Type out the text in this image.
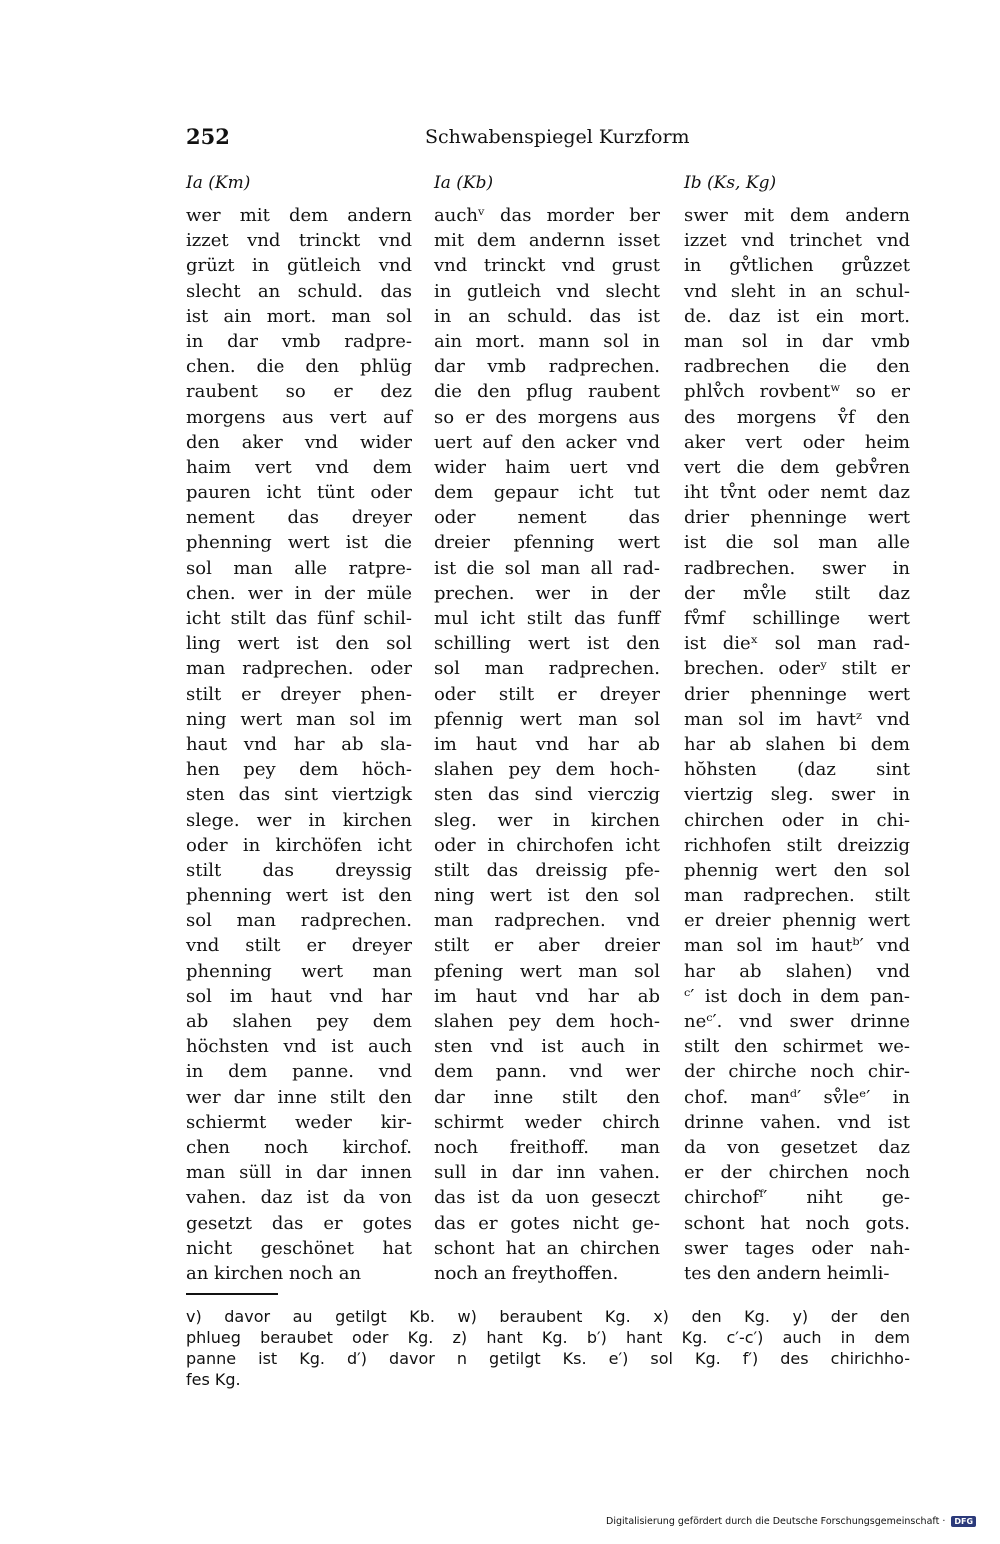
252	Schwabenspiegel Kurzform
Ia (Km)	Ia (Kb)	Ib (Ks, Kg)
wer mit dem andern
izzet vnd trinckt vnd
grüzt in gütleich vnd
slecht an schuld. das
ist ain mort. man sol
in dar vmb radpre-
chen. die den phlüg
raubent so er dez
morgens aus vert auf
den aker vnd wider
haim vert vnd dem
pauren icht tünt oder
nement das dreyer
phenning wert ist die
sol man alle ratpre-
chen. wer in der müle
icht stilt das fünf schil-
ling wert ist den sol
man radprechen. oder
stilt er dreyer phen-
ning wert man sol im
haut vnd har ab sla-
hen pey dem höch-
sten das sint viertzigk
slege. wer in kirchen
oder in kirchöfen icht
stilt das dreyssig
phenning wert ist den
sol man radprechen.
vnd stilt er dreyer
phenning wert man
sol im haut vnd har
ab slahen pey dem
höchsten vnd ist auch
in dem panne. vnd
wer dar inne stilt den
schiermt weder kir-
chen noch kirchof.
man süll in dar innen
vahen. daz ist da von
gesetzt das er gotes
nicht geschönet hat
an kirchen noch an
auchᵛ das morder ber
mit dem andernn isset
vnd trinckt vnd grust
in gutleich vnd slecht
in an schuld. das ist
ain mort. mann sol in
dar vmb radprechen.
die den pflug raubent
so er des morgens aus
uert auf den acker vnd
wider haim uert vnd
dem gepaur icht tut
oder nement das
dreier pfenning wert
ist die sol man all rad-
prechen. wer in der
mul icht stilt das funff
schilling wert ist den
sol man radprechen.
oder stilt er dreyer
pfennig wert man sol
im haut vnd har ab
slahen pey dem hoch-
sten das sind vierczig
sleg. wer in kirchen
oder in chirchofen icht
stilt das dreissig pfe-
ning wert ist den sol
man radprechen. vnd
stilt er aber dreier
pfening wert man sol
im haut vnd har ab
slahen pey dem hoch-
sten vnd ist auch in
dem pann. vnd wer
dar inne stilt den
schirmt weder chirch
noch freithoff. man
sull in dar inn vahen.
das ist da uon geseczt
das er gotes nicht ge-
schont hat an chirchen
noch an freythoffen.
swer mit dem andern
izzet vnd trinchet vnd
in gv̊tlichen grůzzet
vnd sleht in an schul-
de. daz ist ein mort.
man sol in dar vmb
radbrechen die den
phlv̊ch rovbentʷ so er
des morgens v̊f den
aker vert oder heim
vert die dem gebv̊ren
iht tv̊nt oder nemt daz
drier phenninge wert
ist die sol man alle
radbrechen. swer in
der mv̊le stilt daz
fv̊mf schillinge wert
ist dieˣ sol man rad-
brechen. oderʸ stilt er
drier phenninge wert
man sol im havtᶻ vnd
har ab slahen bi dem
hŏhsten (daz sint
viertzig sleg. swer in
chirchen oder in chi-
richhofen stilt dreizzig
phennig wert den sol
man radprechen. stilt
er dreier phennig wert
man sol im hautᵇ′ vnd
har ab slahen) vnd
ᶜ′ ist doch in dem pan-
neᶜ′. vnd swer drinne
stilt den schirmet we-
der chirche noch chir-
chof. manᵈ′ sv̊leᵉ′ in
drinne vahen. vnd ist
da von gesetzet daz
er der chirchen noch
chirchofᶠ′ niht ge-
schont hat noch gots.
swer tages oder nah-
tes den andern heimli-
v) davor au getilgt Kb. w) beraubent Kg. x) den Kg. y) der den
phlueg beraubet oder Kg. z) hant Kg. b′) hant Kg. c′-c′) auch in dem
panne ist Kg. d′) davor n getilgt Ks. e′) sol Kg. f′) des chirichho-
fes Kg.
Digitalisierung gefördert durch die Deutsche Forschungsgemeinschaft · DFG
